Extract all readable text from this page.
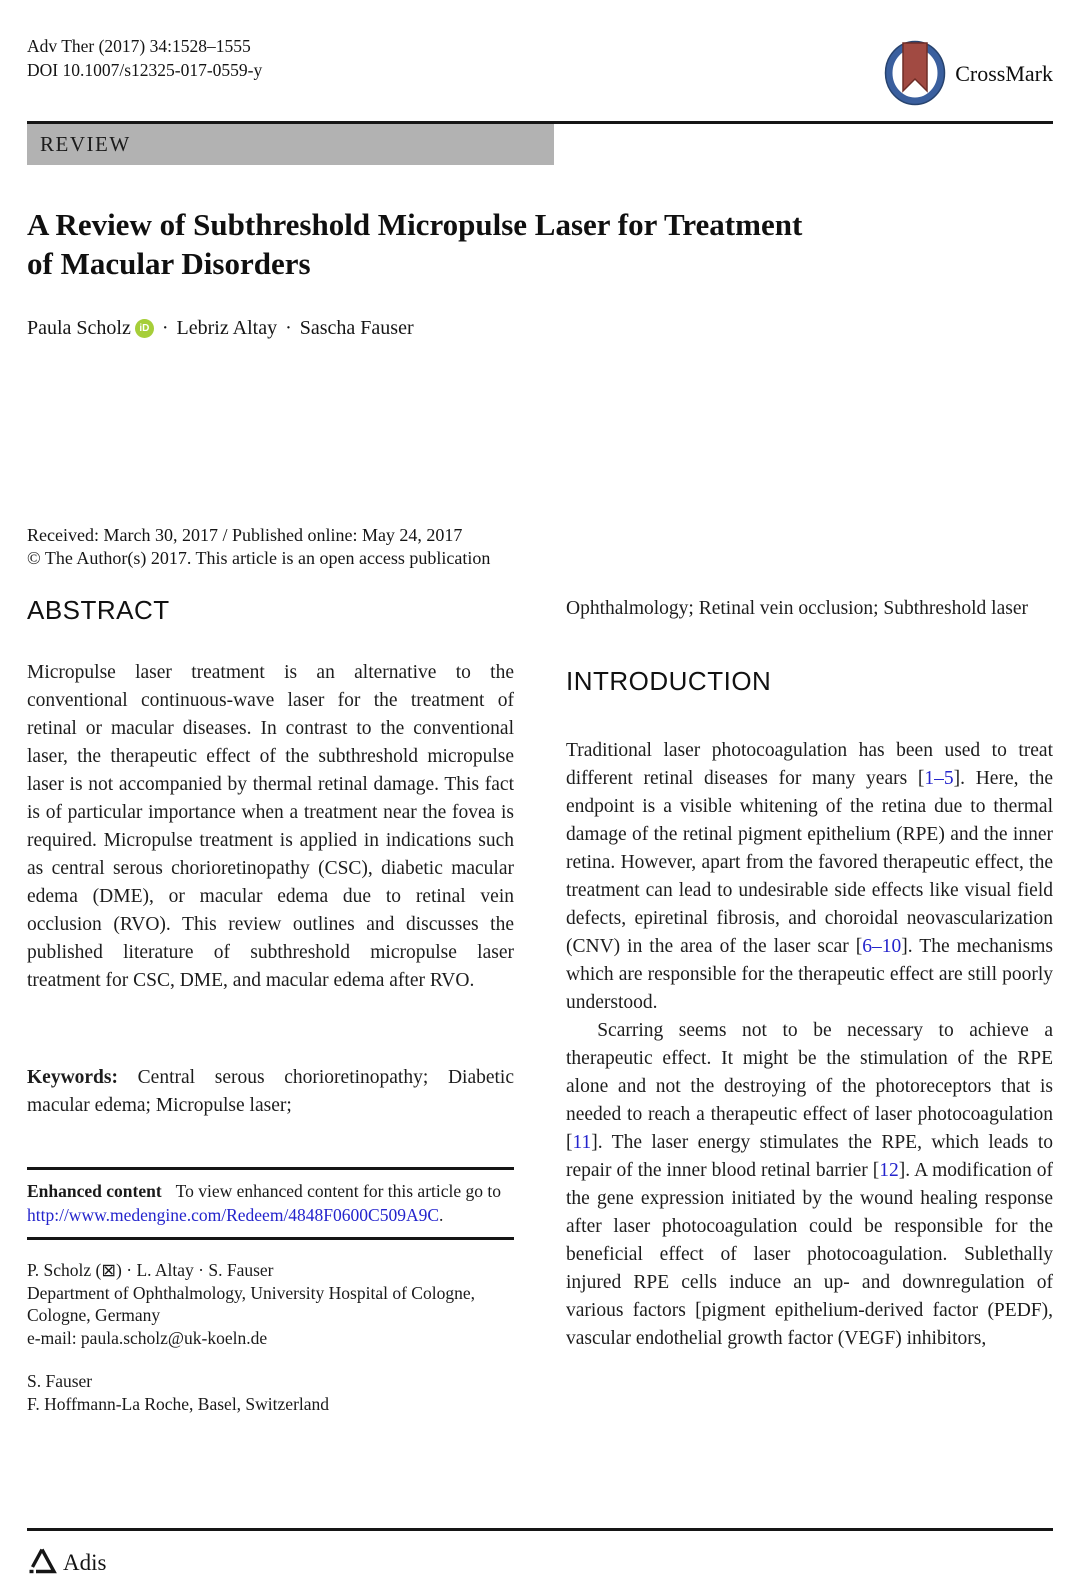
Adv Ther (2017) 34:1528–1555
DOI 10.1007/s12325-017-0559-y	CrossMark
REVIEW
A Review of Subthreshold Micropulse Laser for Treatment of Macular Disorders
Paula Scholz iD · Lebriz Altay · Sascha Fauser
Received: March 30, 2017 / Published online: May 24, 2017
© The Author(s) 2017. This article is an open access publication
ABSTRACT

Micropulse laser treatment is an alternative to the conventional continuous-wave laser for the treatment of retinal or macular diseases. In contrast to the conventional laser, the therapeutic effect of the subthreshold micropulse laser is not accompanied by thermal retinal damage. This fact is of particular importance when a treatment near the fovea is required. Micropulse treatment is applied in indications such as central serous chorioretinopathy (CSC), diabetic macular edema (DME), or macular edema due to retinal vein occlusion (RVO). This review outlines and discusses the published literature of subthreshold micropulse laser treatment for CSC, DME, and macular edema after RVO.

Keywords: Central serous chorioretinopathy; Diabetic macular edema; Micropulse laser;

Enhanced content To view enhanced content for this article go to http://www.medengine.com/Redeem/4848F0600C509A9C.
P. Scholz (⊠) · L. Altay · S. Fauser
Department of Ophthalmology, University Hospital of Cologne, Cologne, Germany
e-mail: paula.scholz@uk-koeln.de
S. Fauser
F. Hoffmann-La Roche, Basel, Switzerland

Ophthalmology; Retinal vein occlusion; Subthreshold laser

INTRODUCTION

Traditional laser photocoagulation has been used to treat different retinal diseases for many years [1–5]. Here, the endpoint is a visible whitening of the retina due to thermal damage of the retinal pigment epithelium (RPE) and the inner retina. However, apart from the favored therapeutic effect, the treatment can lead to undesirable side effects like visual field defects, epiretinal fibrosis, and choroidal neovascularization (CNV) in the area of the laser scar [6–10]. The mechanisms which are responsible for the therapeutic effect are still poorly understood.

Scarring seems not to be necessary to achieve a therapeutic effect. It might be the stimulation of the RPE alone and not the destroying of the photoreceptors that is needed to reach a therapeutic effect of laser photocoagulation [11]. The laser energy stimulates the RPE, which leads to repair of the inner blood retinal barrier [12]. A modification of the gene expression initiated by the wound healing response after laser photocoagulation could be responsible for the beneficial effect of laser photocoagulation. Sublethally injured RPE cells induce an up- and downregulation of various factors [pigment epithelium-derived factor (PEDF), vascular endothelial growth factor (VEGF) inhibitors,

Adis
